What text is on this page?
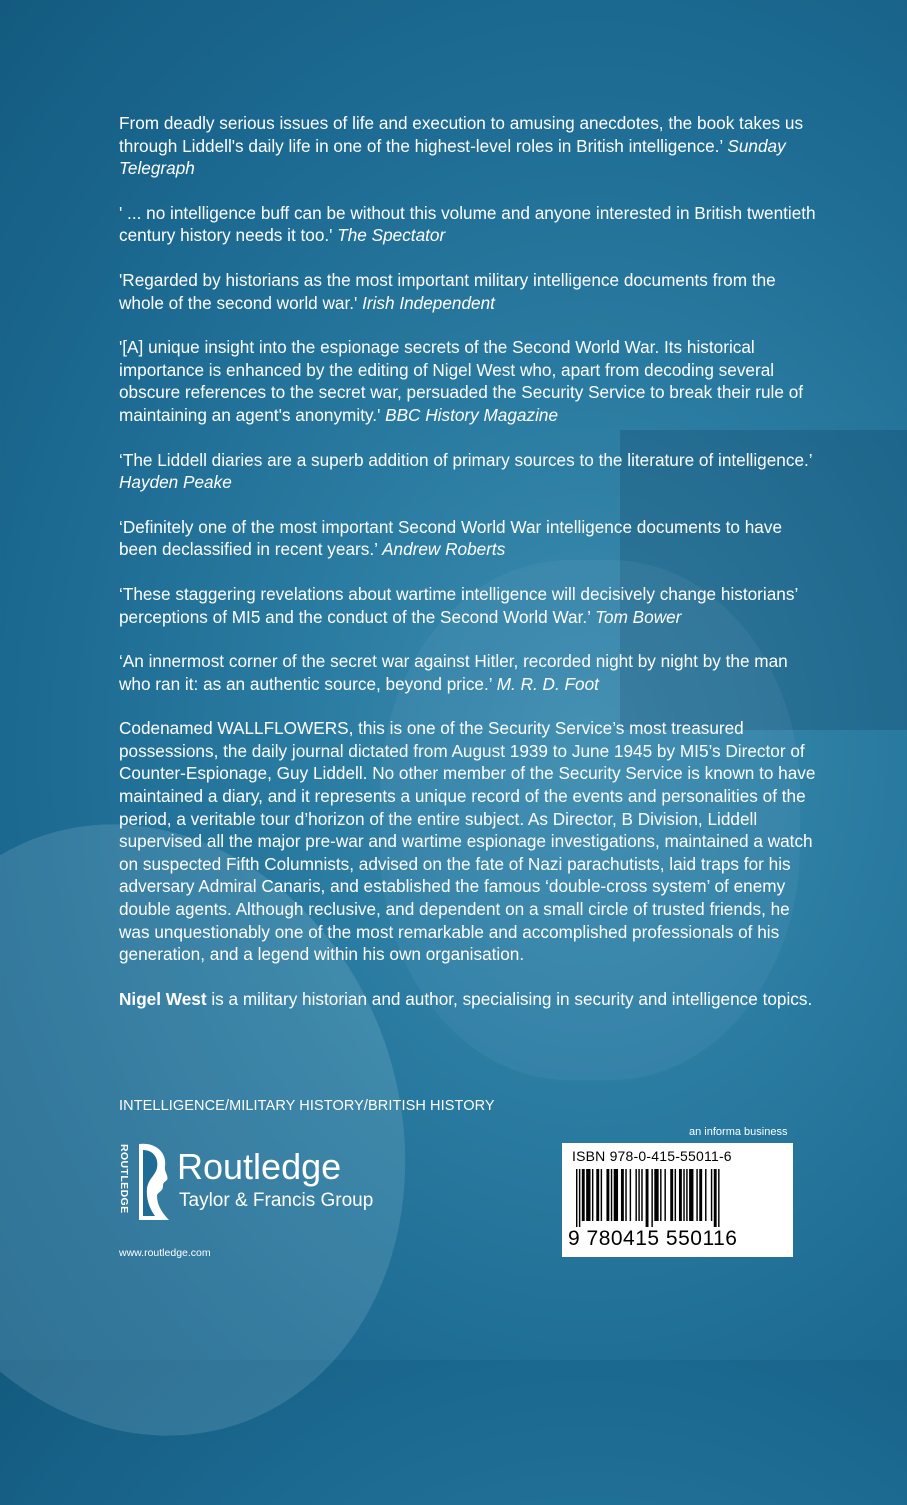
From deadly serious issues of life and execution to amusing anecdotes, the book takes us through Liddell's daily life in one of the highest-level roles in British intelligence.’ Sunday Telegraph

' ... no intelligence buff can be without this volume and anyone interested in British twentieth century history needs it too.' The Spectator

'Regarded by historians as the most important military intelligence documents from the whole of the second world war.' Irish Independent

'[A] unique insight into the espionage secrets of the Second World War. Its historical importance is enhanced by the editing of Nigel West who, apart from decoding several obscure references to the secret war, persuaded the Security Service to break their rule of maintaining an agent's anonymity.' BBC History Magazine

‘The Liddell diaries are a superb addition of primary sources to the literature of intelligence.’ Hayden Peake

‘Definitely one of the most important Second World War intelligence documents to have been declassified in recent years.’ Andrew Roberts

‘These staggering revelations about wartime intelligence will decisively change historians’ perceptions of MI5 and the conduct of the Second World War.’ Tom Bower

‘An innermost corner of the secret war against Hitler, recorded night by night by the man who ran it: as an authentic source, beyond price.’ M. R. D. Foot

Codenamed WALLFLOWERS, this is one of the Security Service’s most treasured possessions, the daily journal dictated from August 1939 to June 1945 by MI5’s Director of Counter-Espionage, Guy Liddell. No other member of the Security Service is known to have maintained a diary, and it represents a unique record of the events and personalities of the period, a veritable tour d’horizon of the entire subject. As Director, B Division, Liddell supervised all the major pre-war and wartime espionage investigations, maintained a watch on suspected Fifth Columnists, advised on the fate of Nazi parachutists, laid traps for his adversary Admiral Canaris, and established the famous ‘double-cross system’ of enemy double agents. Although reclusive, and dependent on a small circle of trusted friends, he was unquestionably one of the most remarkable and accomplished professionals of his generation, and a legend within his own organisation.

Nigel West is a military historian and author, specialising in security and intelligence topics.

INTELLIGENCE/MILITARY HISTORY/BRITISH HISTORY
an informa business
ROUTLEDGE Routledge
Taylor & Francis Group
www.routledge.com
ISBN 978-0-415-55011-6
9 780415 550116
